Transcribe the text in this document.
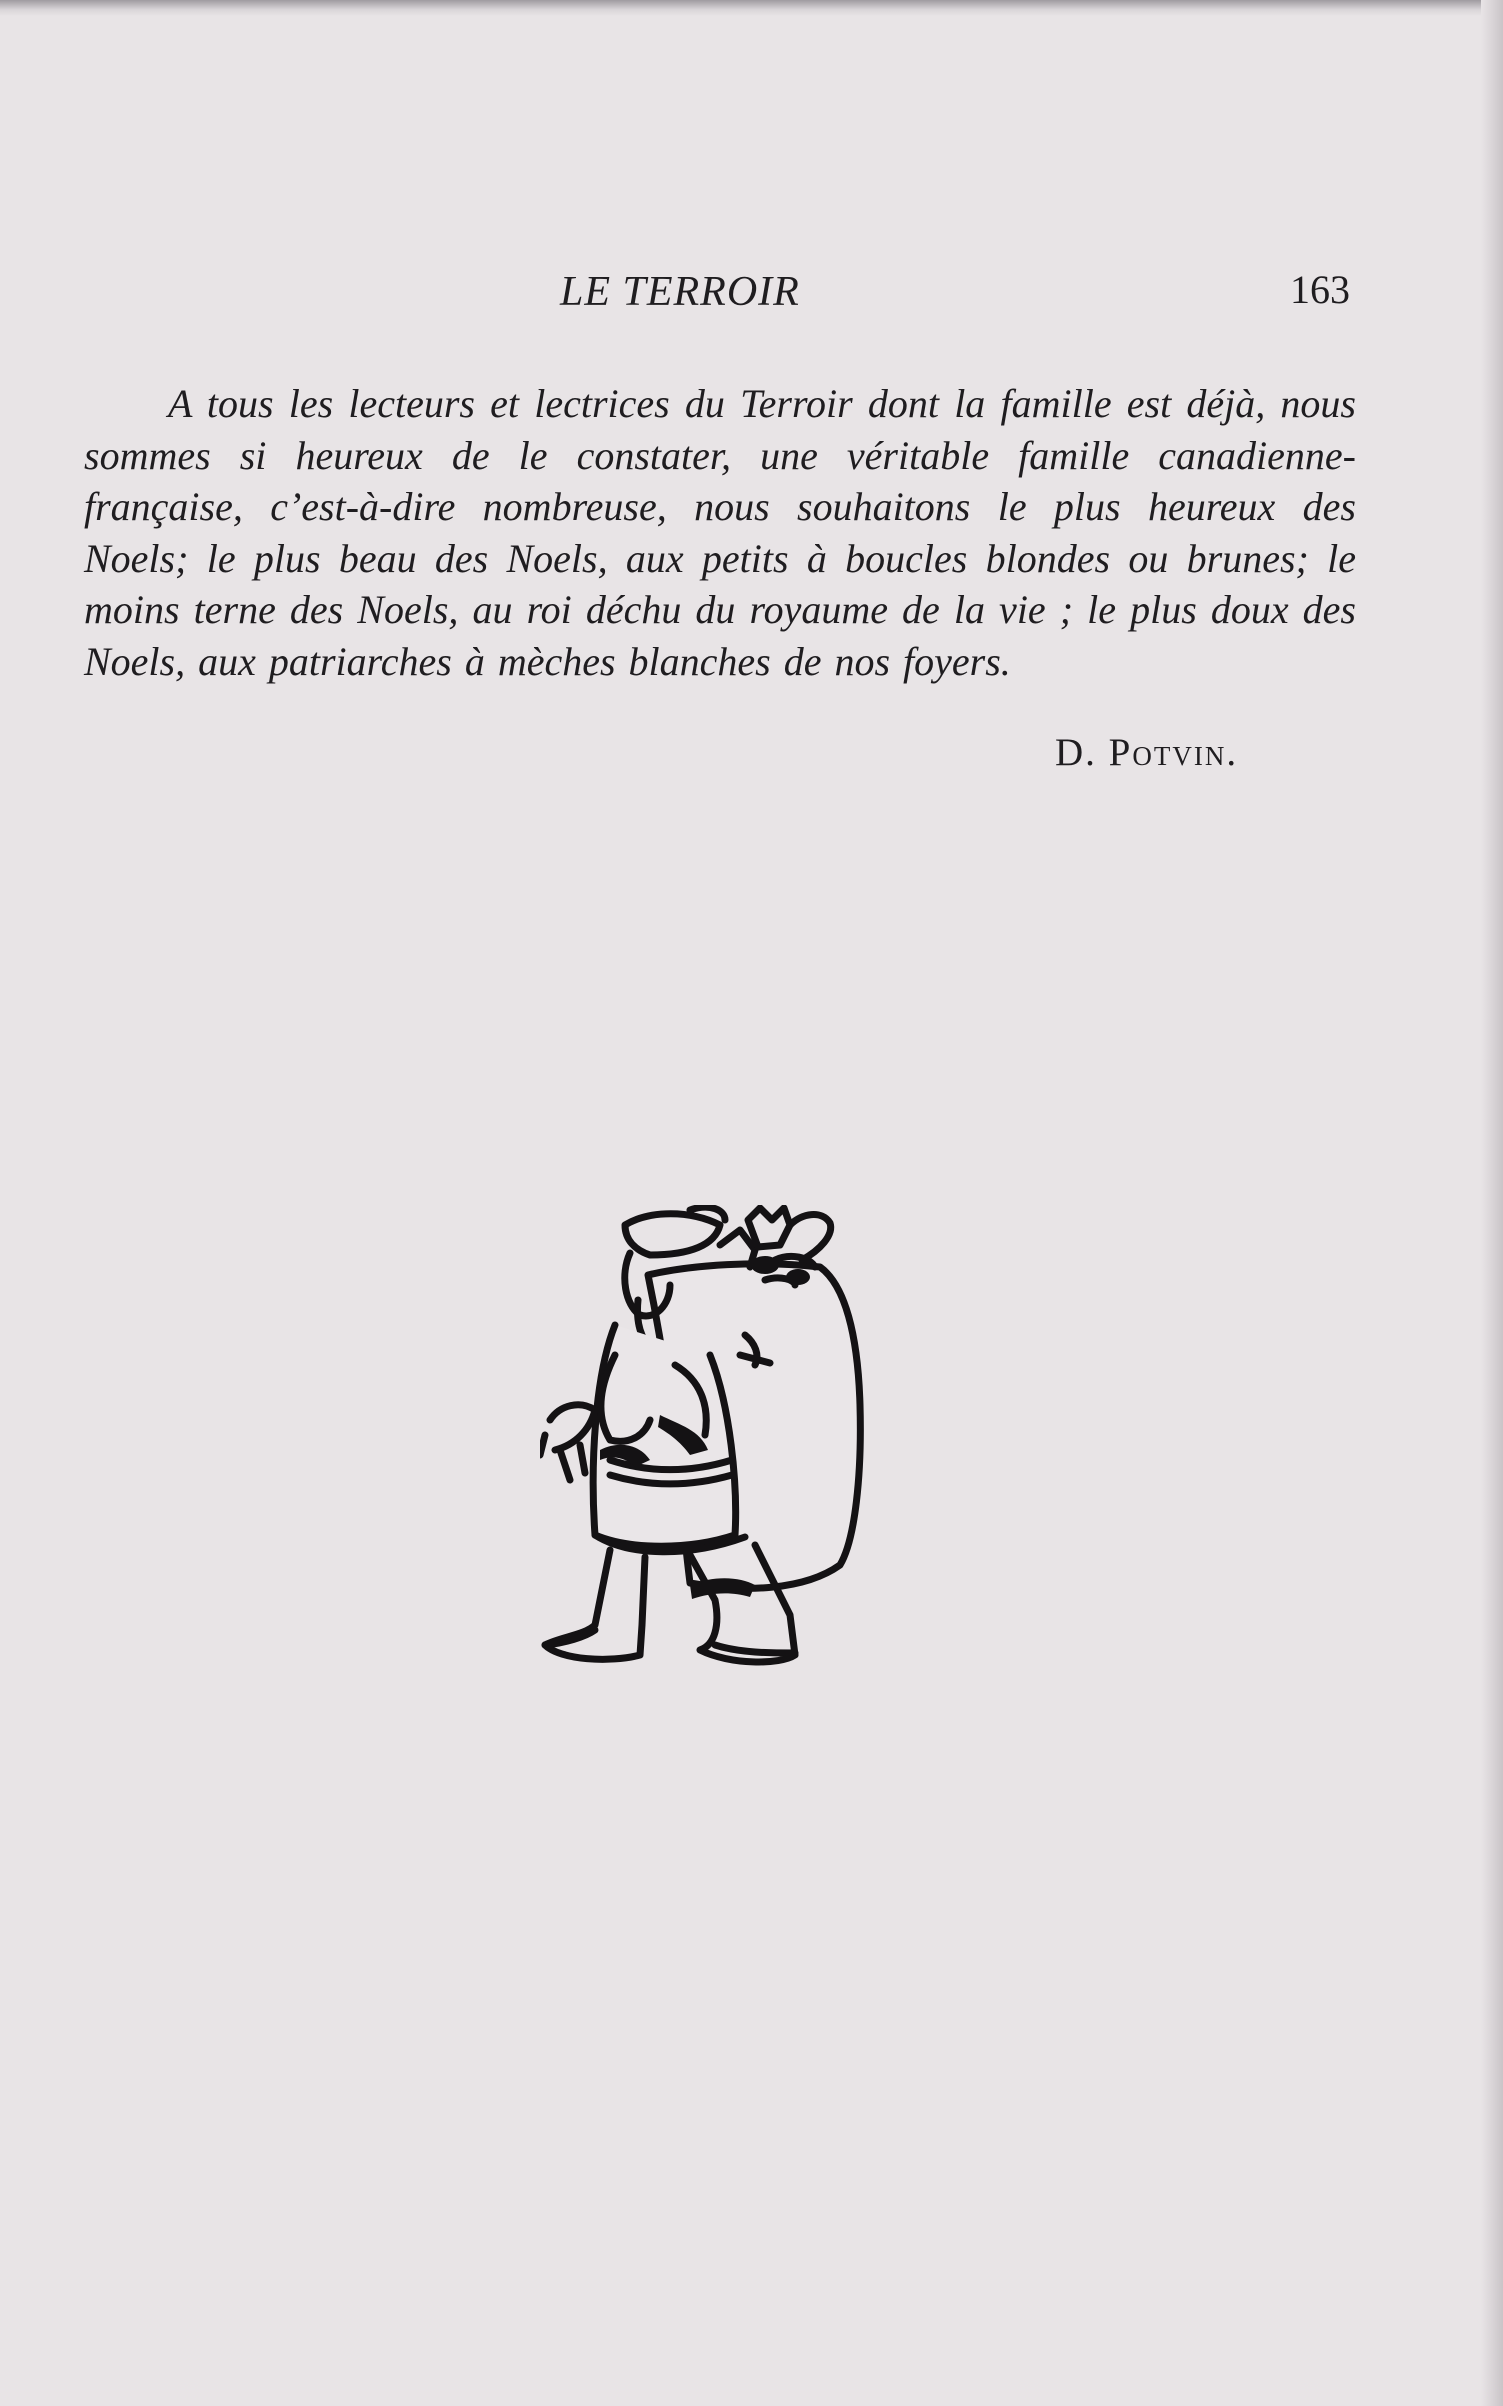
LE TERROIR	163

A tous les lecteurs et lectrices du Terroir dont la famille est déjà, nous sommes si heureux de le constater, une véritable famille canadienne-française, c’est-à-dire nombreuse, nous souhaitons le plus heureux des Noels; le plus beau des Noels, aux petits à boucles blondes ou brunes; le moins terne des Noels, au roi déchu du royaume de la vie ; le plus doux des Noels, aux patriarches à mèches blanches de nos foyers.

D. Potvin.
